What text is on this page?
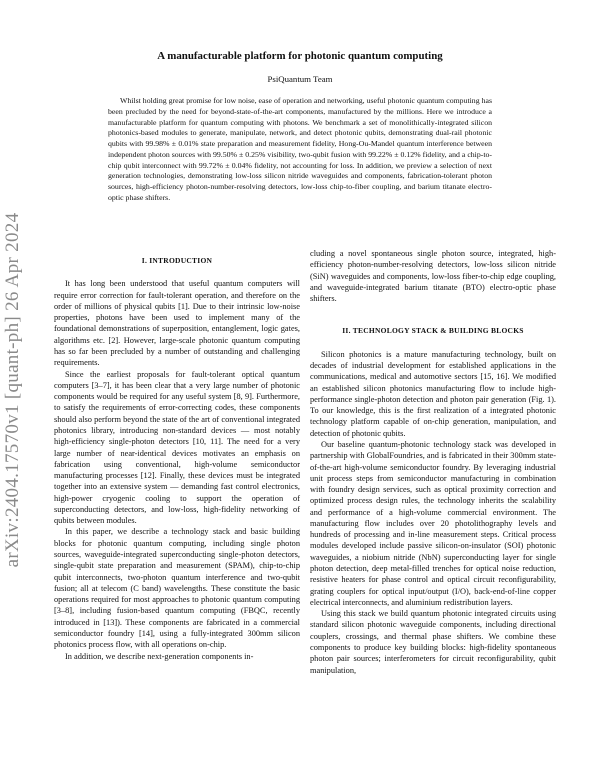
arXiv:2404.17570v1 [quant-ph] 26 Apr 2024
A manufacturable platform for photonic quantum computing

PsiQuantum Team

Whilst holding great promise for low noise, ease of operation and networking, useful photonic quantum computing has been precluded by the need for beyond-state-of-the-art components, manufactured by the millions. Here we introduce a manufacturable platform for quantum computing with photons. We benchmark a set of monolithically-integrated silicon photonics-based modules to generate, manipulate, network, and detect photonic qubits, demonstrating dual-rail photonic qubits with 99.98% ± 0.01% state preparation and measurement fidelity, Hong-Ou-Mandel quantum interference between independent photon sources with 99.50% ± 0.25% visibility, two-qubit fusion with 99.22% ± 0.12% fidelity, and a chip-to-chip qubit interconnect with 99.72% ± 0.04% fidelity, not accounting for loss. In addition, we preview a selection of next generation technologies, demonstrating low-loss silicon nitride waveguides and components, fabrication-tolerant photon sources, high-efficiency photon-number-resolving detectors, low-loss chip-to-fiber coupling, and barium titanate electro-optic phase shifters.

I. INTRODUCTION

It has long been understood that useful quantum computers will require error correction for fault-tolerant operation, and therefore on the order of millions of physical qubits [1]. Due to their intrinsic low-noise properties, photons have been used to implement many of the foundational demonstrations of superposition, entanglement, logic gates, algorithms etc. [2]. However, large-scale photonic quantum computing has so far been precluded by a number of outstanding and challenging requirements.

Since the earliest proposals for fault-tolerant optical quantum computers [3–7], it has been clear that a very large number of photonic components would be required for any useful system [8, 9]. Furthermore, to satisfy the requirements of error-correcting codes, these components should also perform beyond the state of the art of conventional integrated photonics library, introducing non-standard devices — most notably high-efficiency single-photon detectors [10, 11]. The need for a very large number of near-identical devices motivates an emphasis on fabrication using conventional, high-volume semiconductor manufacturing processes [12]. Finally, these devices must be integrated together into an extensive system — demanding fast control electronics, high-power cryogenic cooling to support the operation of superconducting detectors, and low-loss, high-fidelity networking of qubits between modules.

In this paper, we describe a technology stack and basic building blocks for photonic quantum computing, including single photon sources, waveguide-integrated superconducting single-photon detectors, single-qubit state preparation and measurement (SPAM), chip-to-chip qubit interconnects, two-photon quantum interference and two-qubit fusion; all at telecom (C band) wavelengths. These constitute the basic operations required for most approaches to photonic quantum computing [3–8], including fusion-based quantum computing (FBQC, recently introduced in [13]). These components are fabricated in a commercial semiconductor foundry [14], using a fully-integrated 300mm silicon photonics process flow, with all operations on-chip.

In addition, we describe next-generation components in-

cluding a novel spontaneous single photon source, integrated, high-efficiency photon-number-resolving detectors, low-loss silicon nitride (SiN) waveguides and components, low-loss fiber-to-chip edge coupling, and waveguide-integrated barium titanate (BTO) electro-optic phase shifters.

II. TECHNOLOGY STACK & BUILDING BLOCKS

Silicon photonics is a mature manufacturing technology, built on decades of industrial development for established applications in the communications, medical and automotive sectors [15, 16]. We modified an established silicon photonics manufacturing flow to include high-performance single-photon detection and photon pair generation (Fig. 1). To our knowledge, this is the first realization of a integrated photonic technology platform capable of on-chip generation, manipulation, and detection of photonic qubits.

Our baseline quantum-photonic technology stack was developed in partnership with GlobalFoundries, and is fabricated in their 300mm state-of-the-art high-volume semiconductor foundry. By leveraging industrial unit process steps from semiconductor manufacturing in combination with foundry design services, such as optical proximity correction and optimized process design rules, the technology inherits the scalability and performance of a high-volume commercial environment. The manufacturing flow includes over 20 photolithography levels and hundreds of processing and in-line measurement steps. Critical process modules developed include passive silicon-on-insulator (SOI) photonic waveguides, a niobium nitride (NbN) superconducting layer for single photon detection, deep metal-filled trenches for optical noise reduction, resistive heaters for phase control and optical circuit reconfigurability, grating couplers for optical input/output (I/O), back-end-of-line copper electrical interconnects, and aluminium redistribution layers.

Using this stack we build quantum photonic integrated circuits using standard silicon photonic waveguide components, including directional couplers, crossings, and thermal phase shifters. We combine these components to produce key building blocks: high-fidelity spontaneous photon pair sources; interferometers for circuit reconfigurability, qubit manipulation,
